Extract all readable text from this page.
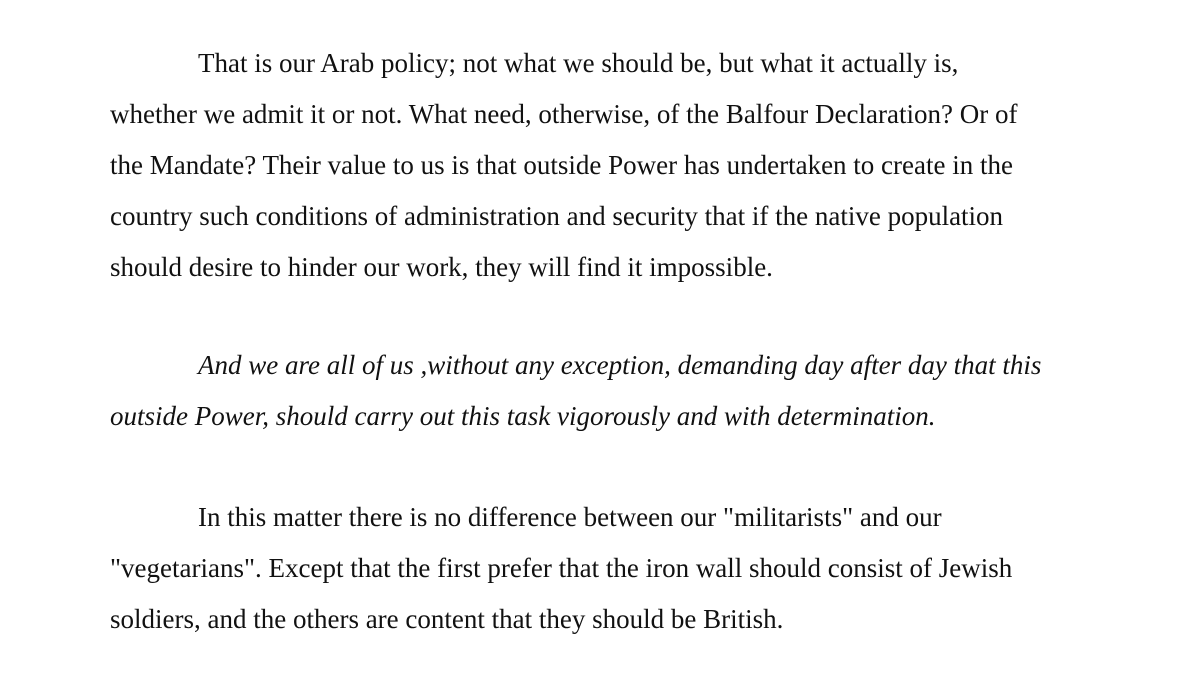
That is our Arab policy; not what we should be, but what it actually is,
whether we admit it or not. What need, otherwise, of the Balfour Declaration? Or of
the Mandate? Their value to us is that outside Power has undertaken to create in the
country such conditions of administration and security that if the native population
should desire to hinder our work, they will find it impossible.

And we are all of us ,without any exception, demanding day after day that this
outside Power, should carry out this task vigorously and with determination.

In this matter there is no difference between our "militarists" and our
"vegetarians". Except that the first prefer that the iron wall should consist of Jewish
soldiers, and the others are content that they should be British.
